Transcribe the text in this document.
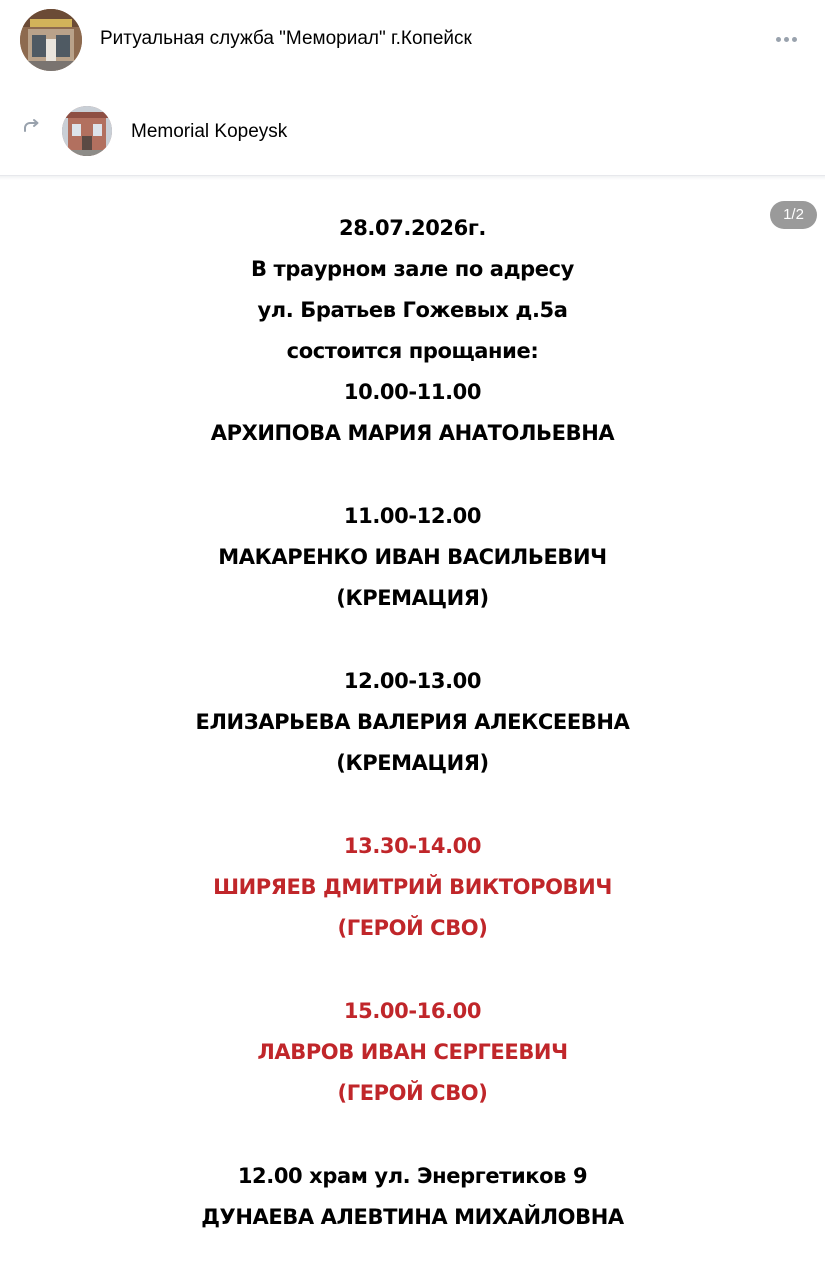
Ритуальная служба "Мемориал" г.Копейск
Memorial Kopeysk
1/2
28.07.2026г.
В траурном зале по адресу
ул. Братьев Гожевых д.5а
состоится прощание:
10.00-11.00
АРХИПОВА МАРИЯ АНАТОЛЬЕВНА
11.00-12.00
МАКАРЕНКО ИВАН ВАСИЛЬЕВИЧ
(КРЕМАЦИЯ)
12.00-13.00
ЕЛИЗАРЬЕВА ВАЛЕРИЯ АЛЕКСЕЕВНА
(КРЕМАЦИЯ)
13.30-14.00
ШИРЯЕВ ДМИТРИЙ ВИКТОРОВИЧ
(ГЕРОЙ СВО)
15.00-16.00
ЛАВРОВ ИВАН СЕРГЕЕВИЧ
(ГЕРОЙ СВО)
12.00 храм ул. Энергетиков 9
ДУНАЕВА АЛЕВТИНА МИХАЙЛОВНА
